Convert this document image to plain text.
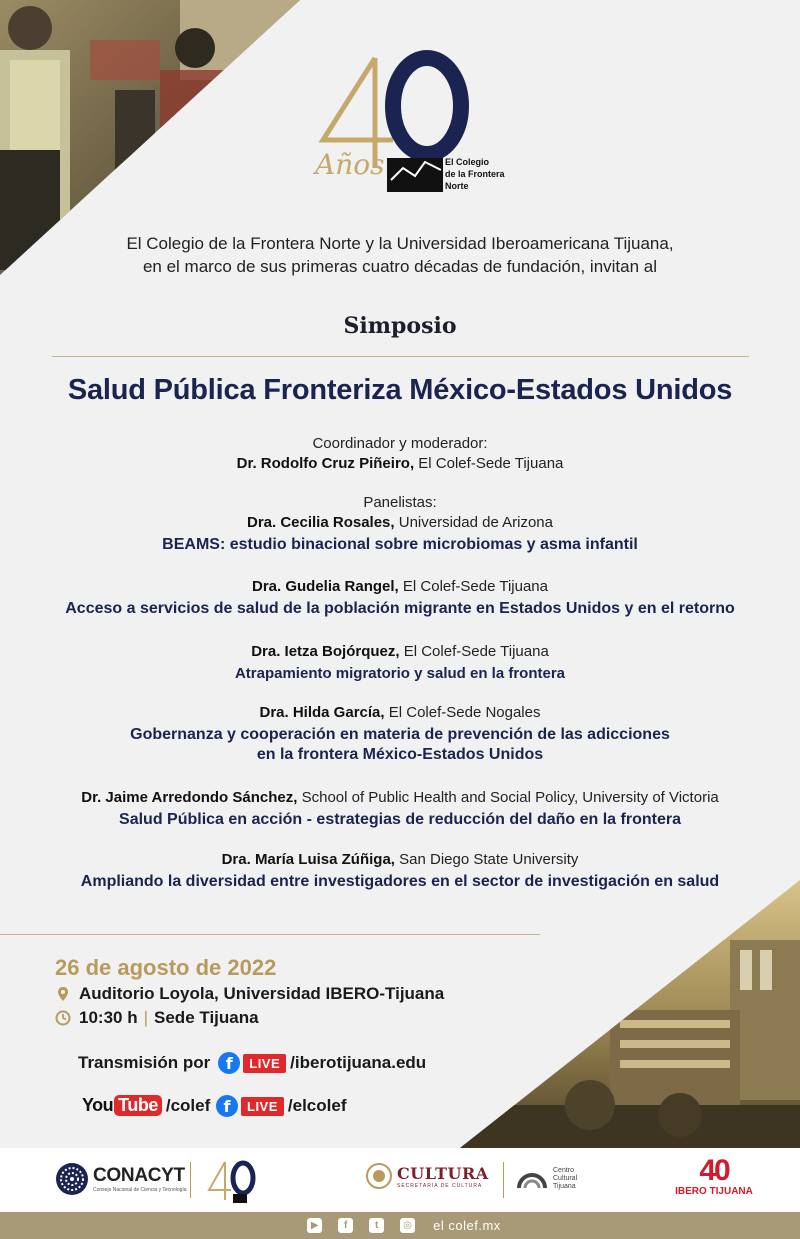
Años	El Colegio
de la Frontera
Norte
El Colegio de la Frontera Norte y la Universidad Iberoamericana Tijuana,
en el marco de sus primeras cuatro décadas de fundación, invitan al
Simposio
Salud Pública Fronteriza México-Estados Unidos
Coordinador y moderador:
Dr. Rodolfo Cruz Piñeiro, El Colef-Sede Tijuana
Panelistas:
Dra. Cecilia Rosales, Universidad de Arizona
BEAMS: estudio binacional sobre microbiomas y asma infantil
Dra. Gudelia Rangel, El Colef-Sede Tijuana
Acceso a servicios de salud de la población migrante en Estados Unidos y en el retorno
Dra. Ietza Bojórquez, El Colef-Sede Tijuana
Atrapamiento migratorio y salud en la frontera
Dra. Hilda García, El Colef-Sede Nogales
Gobernanza y cooperación en materia de prevención de las adicciones
en la frontera México-Estados Unidos
Dr. Jaime Arredondo Sánchez, School of Public Health and Social Policy, University of Victoria
Salud Pública en acción - estrategias de reducción del daño en la frontera
Dra. María Luisa Zúñiga, San Diego State University
Ampliando la diversidad entre investigadores en el sector de investigación en salud
26 de agosto de 2022
Auditorio Loyola, Universidad IBERO-Tijuana
10:30 h | Sede Tijuana
Transmisión por f	LIVE /iberotijuana.edu
You Tube /colef f	LIVE /elcolef
CONACYT
Consejo Nacional de Ciencia y Tecnología
CULTURA
SECRETARÍA DE CULTURA
Centro
Cultural
Tijuana	40
IBERO TIJUANA
▶	f	t	◎ el colef.mx
